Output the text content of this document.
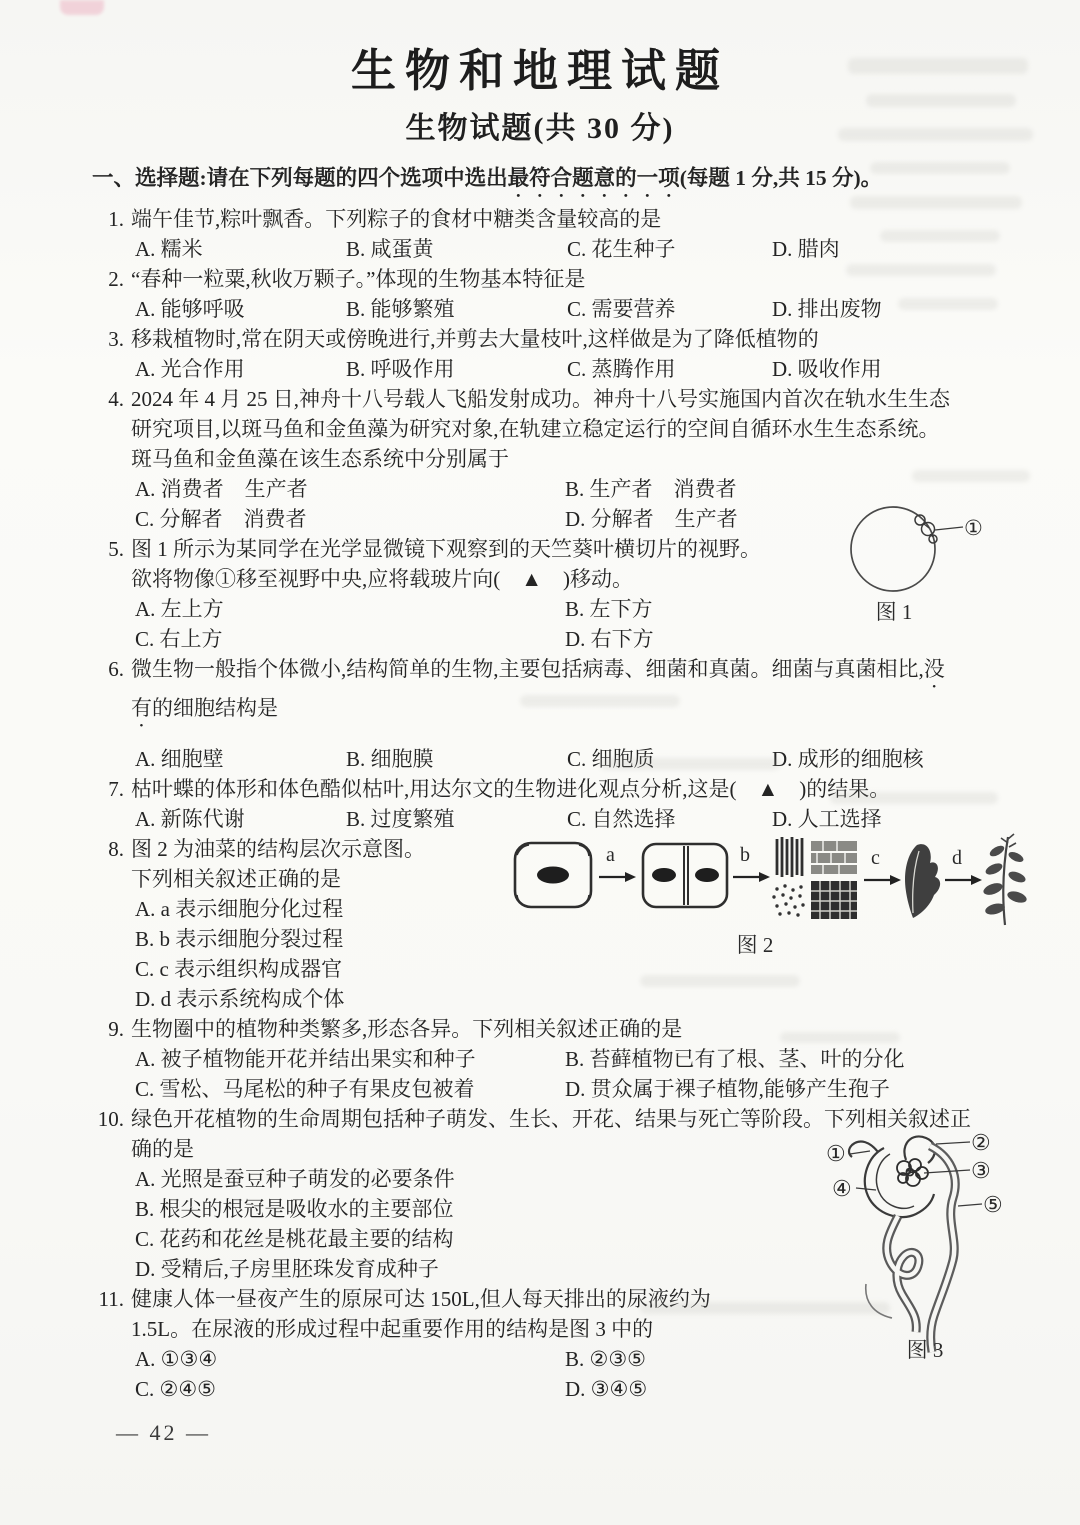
生物和地理试题
生物试题(共 30 分)
一、选择题:请在下列每题的四个选项中选出最符合题意的一项(每题 1 分,共 15 分)。
1. 端午佳节,粽叶飘香。下列粽子的食材中糖类含量较高的是
A. 糯米	B. 咸蛋黄	C. 花生种子	D. 腊肉
2. “春种一粒粟,秋收万颗子。”体现的生物基本特征是
A. 能够呼吸	B. 能够繁殖	C. 需要营养	D. 排出废物
3. 移栽植物时,常在阴天或傍晚进行,并剪去大量枝叶,这样做是为了降低植物的
A. 光合作用	B. 呼吸作用	C. 蒸腾作用	D. 吸收作用
4. 2024 年 4 月 25 日,神舟十八号载人飞船发射成功。神舟十八号实施国内首次在轨水生生态
研究项目,以斑马鱼和金鱼藻为研究对象,在轨建立稳定运行的空间自循环水生生态系统。
斑马鱼和金鱼藻在该生态系统中分别属于
A. 消费者　生产者	B. 生产者　消费者
C. 分解者　消费者	D. 分解者　生产者
5. 图 1 所示为某同学在光学显微镜下观察到的天竺葵叶横切片的视野。
欲将物像①移至视野中央,应将载玻片向(　▲　)移动。
A. 左上方	B. 左下方
C. 右上方	D. 右下方
6. 微生物一般指个体微小,结构简单的生物,主要包括病毒、细菌和真菌。细菌与真菌相比,没
有的细胞结构是
A. 细胞壁	B. 细胞膜	C. 细胞质	D. 成形的细胞核
7. 枯叶蝶的体形和体色酷似枯叶,用达尔文的生物进化观点分析,这是(　▲　)的结果。
A. 新陈代谢	B. 过度繁殖	C. 自然选择	D. 人工选择
8. 图 2 为油菜的结构层次示意图。
下列相关叙述正确的是
A. a 表示细胞分化过程
B. b 表示细胞分裂过程
C. c 表示组织构成器官
D. d 表示系统构成个体
9. 生物圈中的植物种类繁多,形态各异。下列相关叙述正确的是
A. 被子植物能开花并结出果实和种子	B. 苔藓植物已有了根、茎、叶的分化
C. 雪松、马尾松的种子有果皮包被着	D. 贯众属于裸子植物,能够产生孢子
10. 绿色开花植物的生命周期包括种子萌发、生长、开花、结果与死亡等阶段。下列相关叙述正
确的是
A. 光照是蚕豆种子萌发的必要条件
B. 根尖的根冠是吸收水的主要部位
C. 花药和花丝是桃花最主要的结构
D. 受精后,子房里胚珠发育成种子
11. 健康人体一昼夜产生的原尿可达 150L,但人每天排出的尿液约为
1.5L。在尿液的形成过程中起重要作用的结构是图 3 中的
A. ①③④	B. ②③⑤
C. ②④⑤	D. ③④⑤
①
图 1
a	b	c	d
图 2
①	②
③
④
⑤
图 3
— 42 —
